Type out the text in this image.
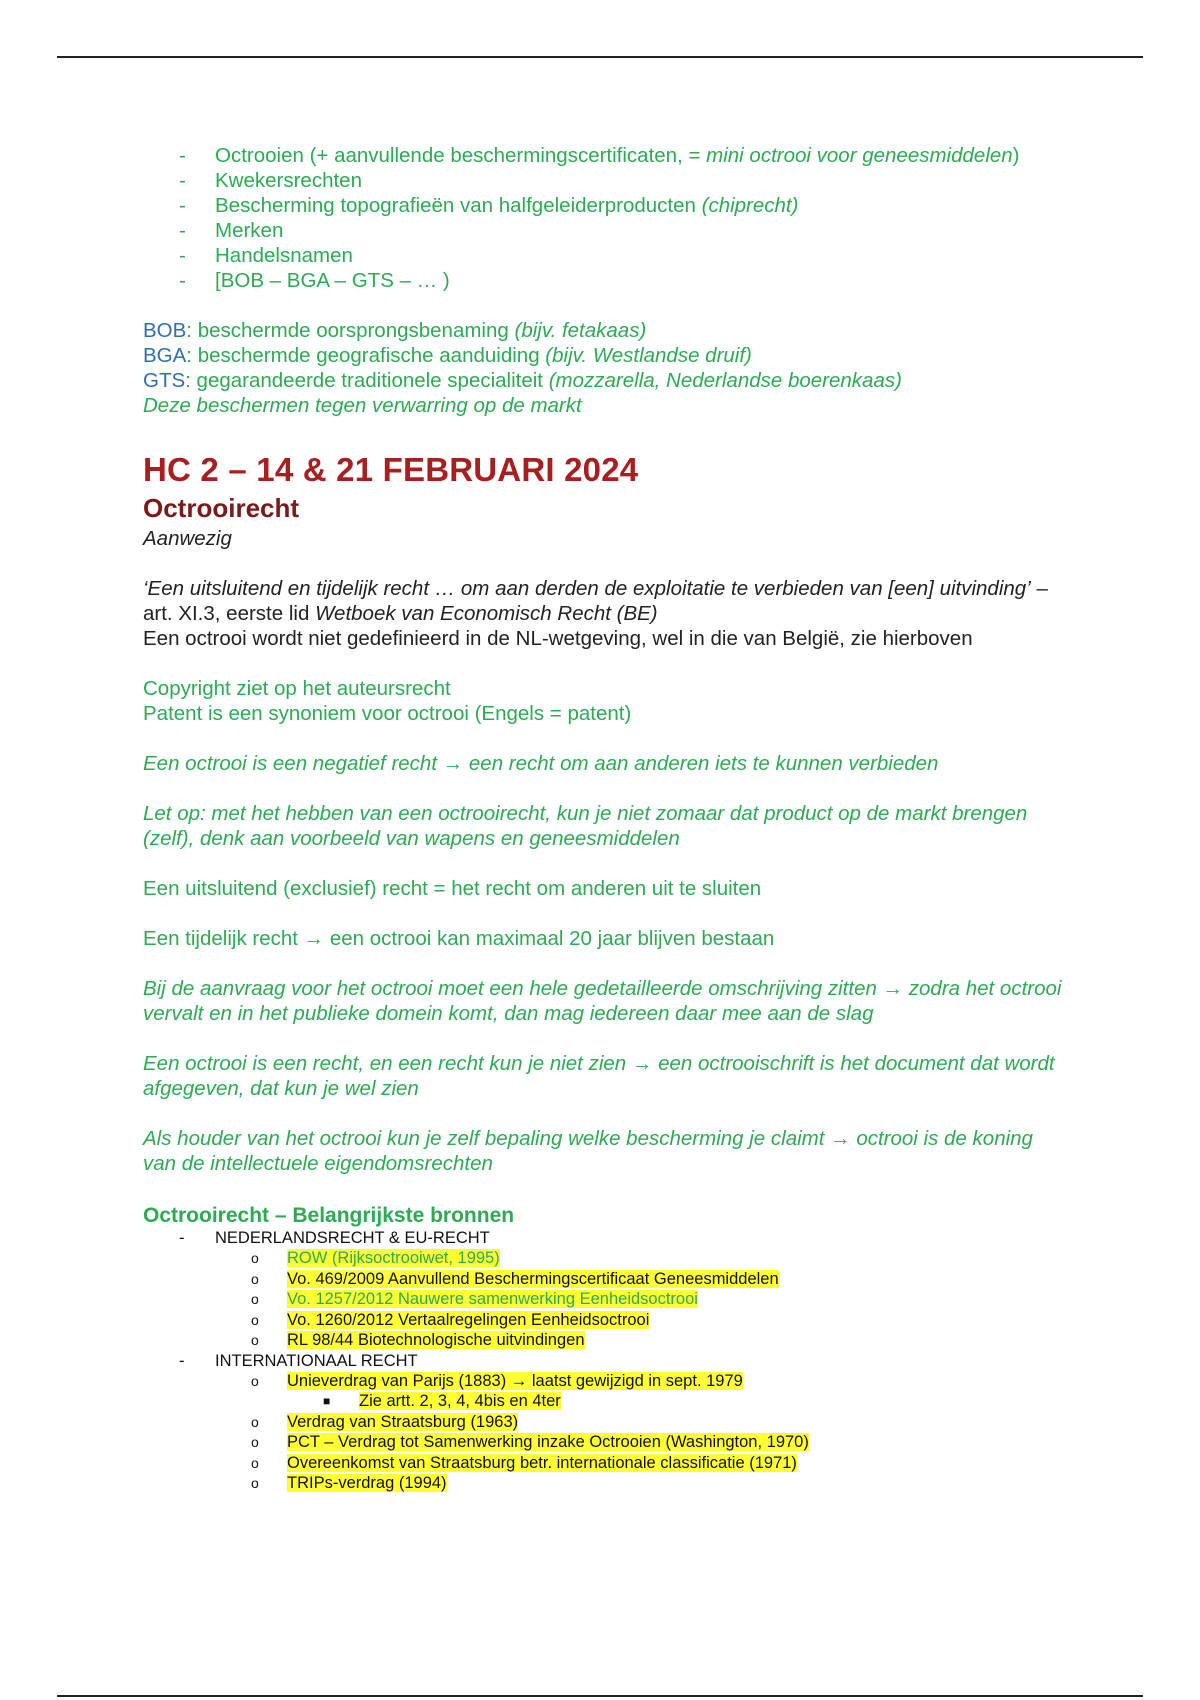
- Octrooien (+ aanvullende beschermingscertificaten, = mini octrooi voor geneesmiddelen)
- Kwekersrechten
- Bescherming topografieën van halfgeleiderproducten (chiprecht)
- Merken
- Handelsnamen
- [BOB – BGA – GTS – … )

BOB: beschermde oorsprongsbenaming (bijv. fetakaas)

BGA: beschermde geografische aanduiding (bijv. Westlandse druif)

GTS: gegarandeerde traditionele specialiteit (mozzarella, Nederlandse boerenkaas)

Deze beschermen tegen verwarring op de markt

HC 2 – 14 & 21 FEBRUARI 2024
Octrooirecht

Aanwezig

‘Een uitsluitend en tijdelijk recht … om aan derden de exploitatie te verbieden van [een] uitvinding’ – art. XI.3, eerste lid Wetboek van Economisch Recht (BE)

Een octrooi wordt niet gedefinieerd in de NL-wetgeving, wel in die van België, zie hierboven

Copyright ziet op het auteursrecht

Patent is een synoniem voor octrooi (Engels = patent)

Een octrooi is een negatief recht → een recht om aan anderen iets te kunnen verbieden

Let op: met het hebben van een octrooirecht, kun je niet zomaar dat product op de markt brengen (zelf), denk aan voorbeeld van wapens en geneesmiddelen

Een uitsluitend (exclusief) recht = het recht om anderen uit te sluiten

Een tijdelijk recht → een octrooi kan maximaal 20 jaar blijven bestaan

Bij de aanvraag voor het octrooi moet een hele gedetailleerde omschrijving zitten → zodra het octrooi vervalt en in het publieke domein komt, dan mag iedereen daar mee aan de slag

Een octrooi is een recht, en een recht kun je niet zien → een octrooischrift is het document dat wordt afgegeven, dat kun je wel zien

Als houder van het octrooi kun je zelf bepaling welke bescherming je claimt → octrooi is de koning van de intellectuele eigendomsrechten

Octrooirecht – Belangrijkste bronnen
- NEDERLANDSRECHT & EU-RECHT
o ROW (Rijksoctrooiwet, 1995)
o Vo. 469/2009 Aanvullend Beschermingscertificaat Geneesmiddelen
o Vo. 1257/2012 Nauwere samenwerking Eenheidsoctrooi
o Vo. 1260/2012 Vertaalregelingen Eenheidsoctrooi
o RL 98/44 Biotechnologische uitvindingen
- INTERNATIONAAL RECHT
o Unieverdrag van Parijs (1883) → laatst gewijzigd in sept. 1979
■ Zie artt. 2, 3, 4, 4bis en 4ter
o Verdrag van Straatsburg (1963)
o PCT – Verdrag tot Samenwerking inzake Octrooien (Washington, 1970)
o Overeenkomst van Straatsburg betr. internationale classificatie (1971)
o TRIPs-verdrag (1994)
